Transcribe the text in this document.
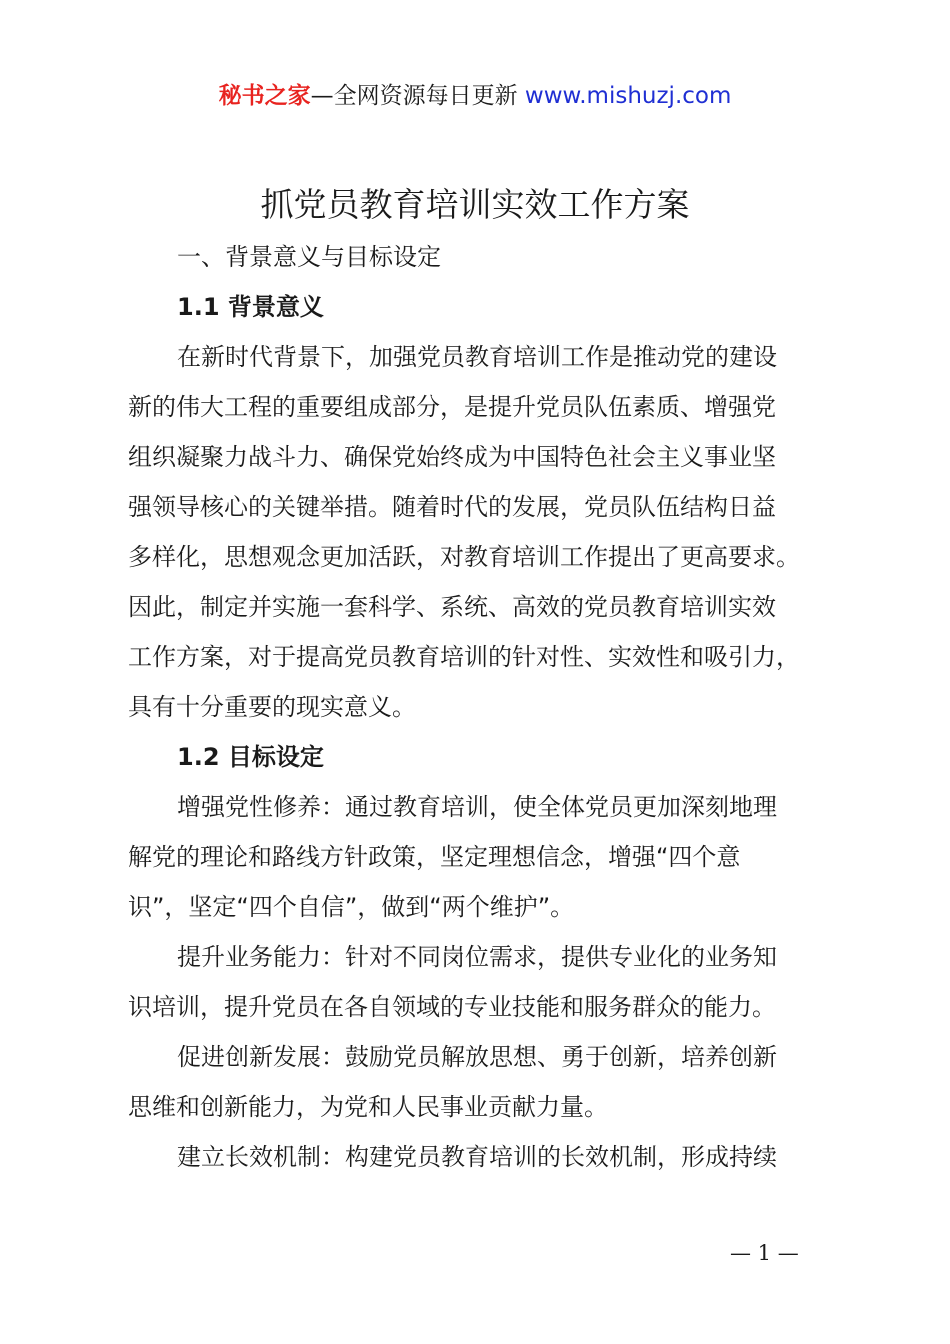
秘书之家—全网资源每日更新 www.mishuzj.com
抓党员教育培训实效工作方案
一、背景意义与目标设定
1.1 背景意义

在新时代背景下，加强党员教育培训工作是推动党的建设
新的伟大工程的重要组成部分，是提升党员队伍素质、增强党
组织凝聚力战斗力、确保党始终成为中国特色社会主义事业坚
强领导核心的关键举措。随着时代的发展，党员队伍结构日益
多样化，思想观念更加活跃，对教育培训工作提出了更高要求。
因此，制定并实施一套科学、系统、高效的党员教育培训实效
工作方案，对于提高党员教育培训的针对性、实效性和吸引力，
具有十分重要的现实意义。

1.2 目标设定

增强党性修养：通过教育培训，使全体党员更加深刻地理
解党的理论和路线方针政策，坚定理想信念，增强“四个意
识”，坚定“四个自信”，做到“两个维护”。

提升业务能力：针对不同岗位需求，提供专业化的业务知
识培训，提升党员在各自领域的专业技能和服务群众的能力。

促进创新发展：鼓励党员解放思想、勇于创新，培养创新
思维和创新能力，为党和人民事业贡献力量。

建立长效机制：构建党员教育培训的长效机制，形成持续

— 1 —
